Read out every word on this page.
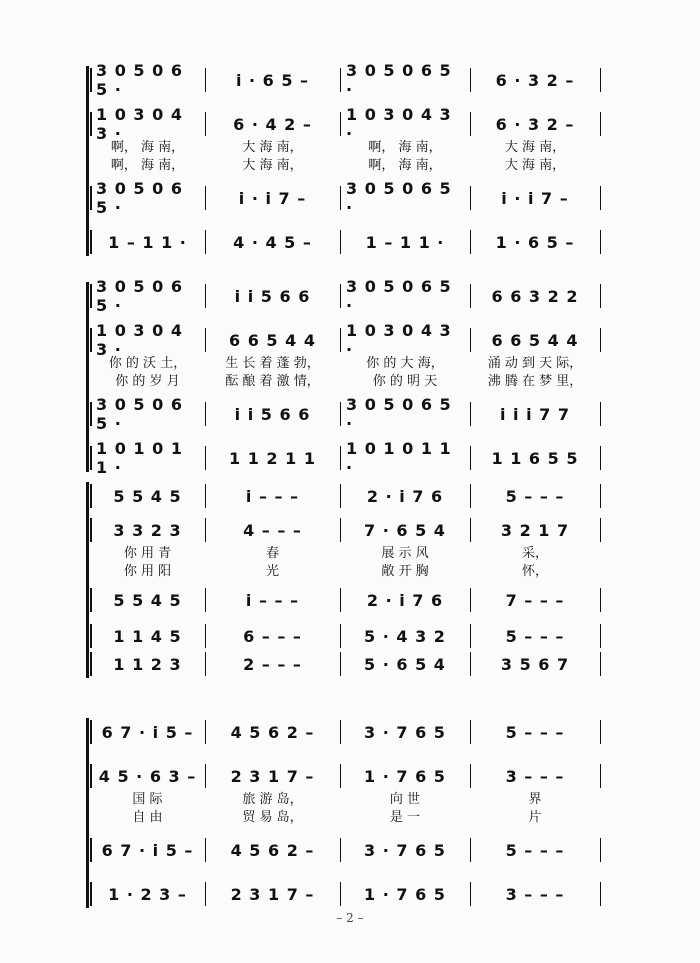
3 0 5 0 6 5 ·	i · 6 5 –	3 0 5 0 6 5 ·	6 · 3 2 –
1 0 3 0 4 3 ·	6 · 4 2 –	1 0 3 0 4 3 ·	6 · 3 2 –
啊， 海 南，	大 海 南，	啊， 海 南，	大 海 南，
啊， 海 南，	大 海 南，	啊， 海 南，	大 海 南，
3 0 5 0 6 5 ·	i · i 7 –	3 0 5 0 6 5 ·	i · i 7 –
1 – 1 1 ·	4 · 4 5 –	1 – 1 1 ·	1 · 6 5 –
3 0 5 0 6 5 ·	i i 5 6 6	3 0 5 0 6 5 ·	6 6 3 2 2
1 0 3 0 4 3 ·	6 6 5 4 4	1 0 3 0 4 3 ·	6 6 5 4 4
你 的 沃 土，	生 长 着 蓬 勃，	你 的 大 海，	涌 动 到 天 际，
你 的 岁 月	酝 酿 着 激 情，	你 的 明 天	沸 腾 在 梦 里，
3 0 5 0 6 5 ·	i i 5 6 6	3 0 5 0 6 5 ·	i i i 7 7
1 0 1 0 1 1 ·	1 1 2 1 1	1 0 1 0 1 1 ·	1 1 6 5 5
5 5 4 5	i – – –	2 · i 7 6	5 – – –
3 3 2 3	4 – – –	7 · 6 5 4	3 2 1 7
你 用 青	春	展 示 风	采，
你 用 阳	光	敞 开 胸	怀，
5 5 4 5	i – – –	2 · i 7 6	7 – – –
1 1 4 5	6 – – –	5 · 4 3 2	5 – – –
1 1 2 3	2 – – –	5 · 6 5 4	3 5 6 7
6 7 · i 5 –	4 5 6 2 –	3 · 7 6 5	5 – – –
4 5 · 6 3 –	2 3 1 7 –	1 · 7 6 5	3 – – –
国 际	旅 游 岛，	向 世	界
自 由	贸 易 岛，	是 一	片
6 7 · i 5 –	4 5 6 2 –	3 · 7 6 5	5 – – –
1 · 2 3 –	2 3 1 7 –	1 · 7 6 5	3 – – –
– 2 –
